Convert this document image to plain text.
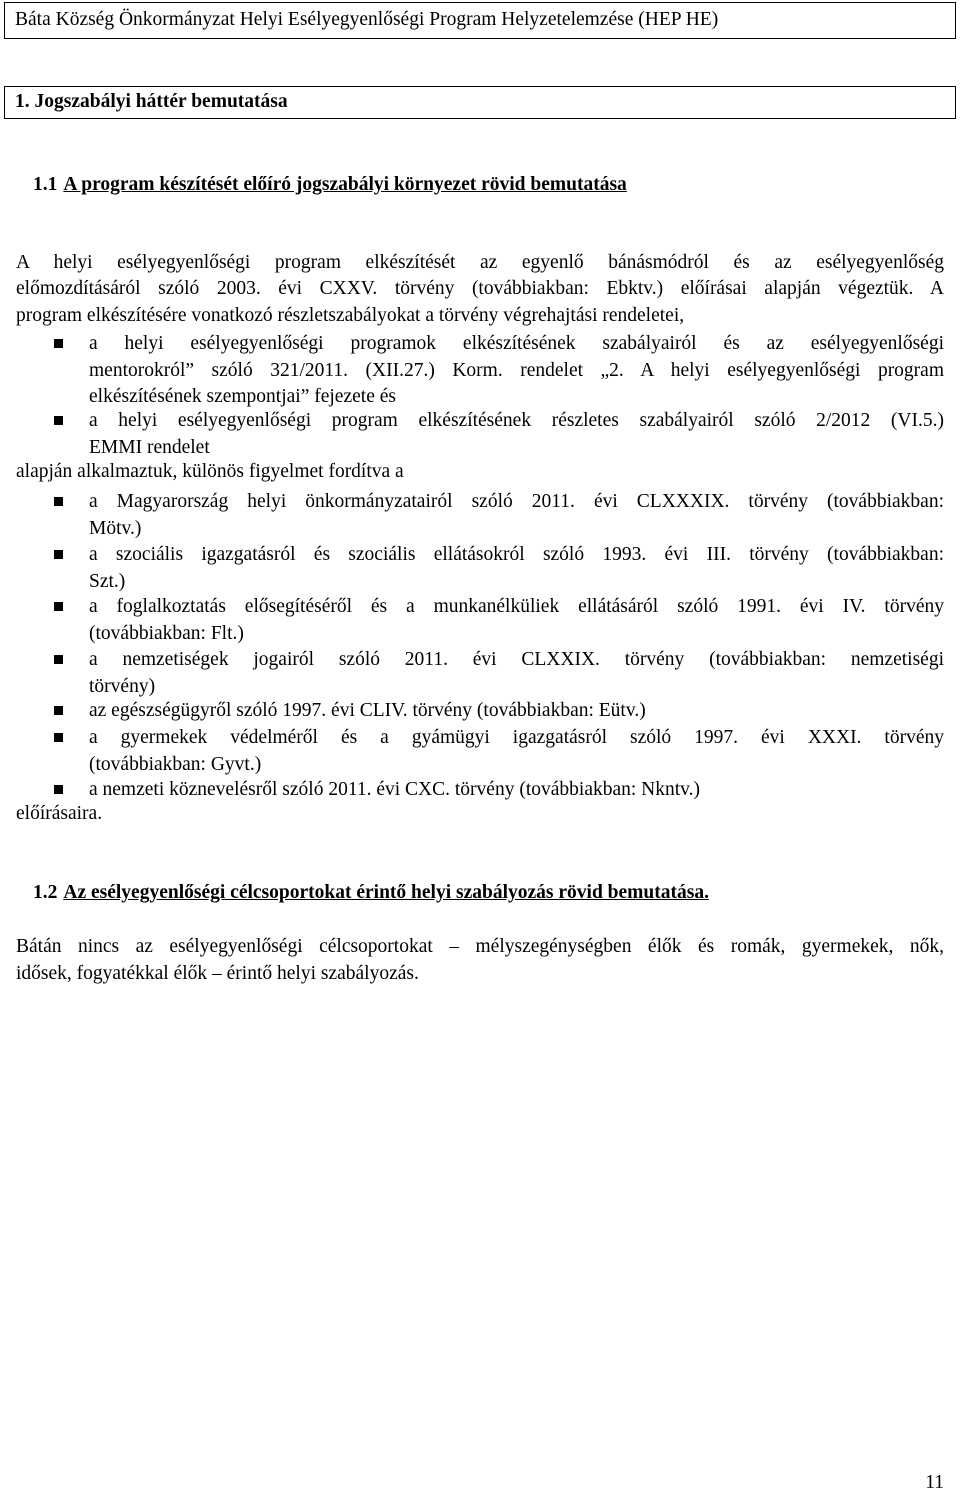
Báta Község Önkormányzat Helyi Esélyegyenlőségi Program Helyzetelemzése (HEP HE)
1. Jogszabályi háttér bemutatása
1.1 A program készítését előíró jogszabályi környezet rövid bemutatása
A helyi esélyegyenlőségi program elkészítését az egyenlő bánásmódról és az esélyegyenlőség
előmozdításáról szóló 2003. évi CXXV. törvény (továbbiakban: Ebktv.) előírásai alapján végeztük. A
program elkészítésére vonatkozó részletszabályokat a törvény végrehajtási rendeletei,
a helyi esélyegyenlőségi programok elkészítésének szabályairól és az esélyegyenlőségi
mentorokról” szóló 321/2011. (XII.27.) Korm. rendelet „2. A helyi esélyegyenlőségi program
elkészítésének szempontjai” fejezete és
a helyi esélyegyenlőségi program elkészítésének részletes szabályairól szóló 2/2012 (VI.5.)
EMMI rendelet
alapján alkalmaztuk, különös figyelmet fordítva a
a Magyarország helyi önkormányzatairól szóló 2011. évi CLXXXIX. törvény (továbbiakban:
Mötv.)
a szociális igazgatásról és szociális ellátásokról szóló 1993. évi III. törvény (továbbiakban:
Szt.)
a foglalkoztatás elősegítéséről és a munkanélküliek ellátásáról szóló 1991. évi IV. törvény
(továbbiakban: Flt.)
a nemzetiségek jogairól szóló 2011. évi CLXXIX. törvény (továbbiakban: nemzetiségi
törvény)
az egészségügyről szóló 1997. évi CLIV. törvény (továbbiakban: Eütv.)
a gyermekek védelméről és a gyámügyi igazgatásról szóló 1997. évi XXXI. törvény
(továbbiakban: Gyvt.)
a nemzeti köznevelésről szóló 2011. évi CXC. törvény (továbbiakban: Nkntv.)
előírásaira.
1.2 Az esélyegyenlőségi célcsoportokat érintő helyi szabályozás rövid bemutatása.
Bátán nincs az esélyegyenlőségi célcsoportokat – mélyszegénységben élők és romák, gyermekek, nők,
idősek, fogyatékkal élők – érintő helyi szabályozás.
11
